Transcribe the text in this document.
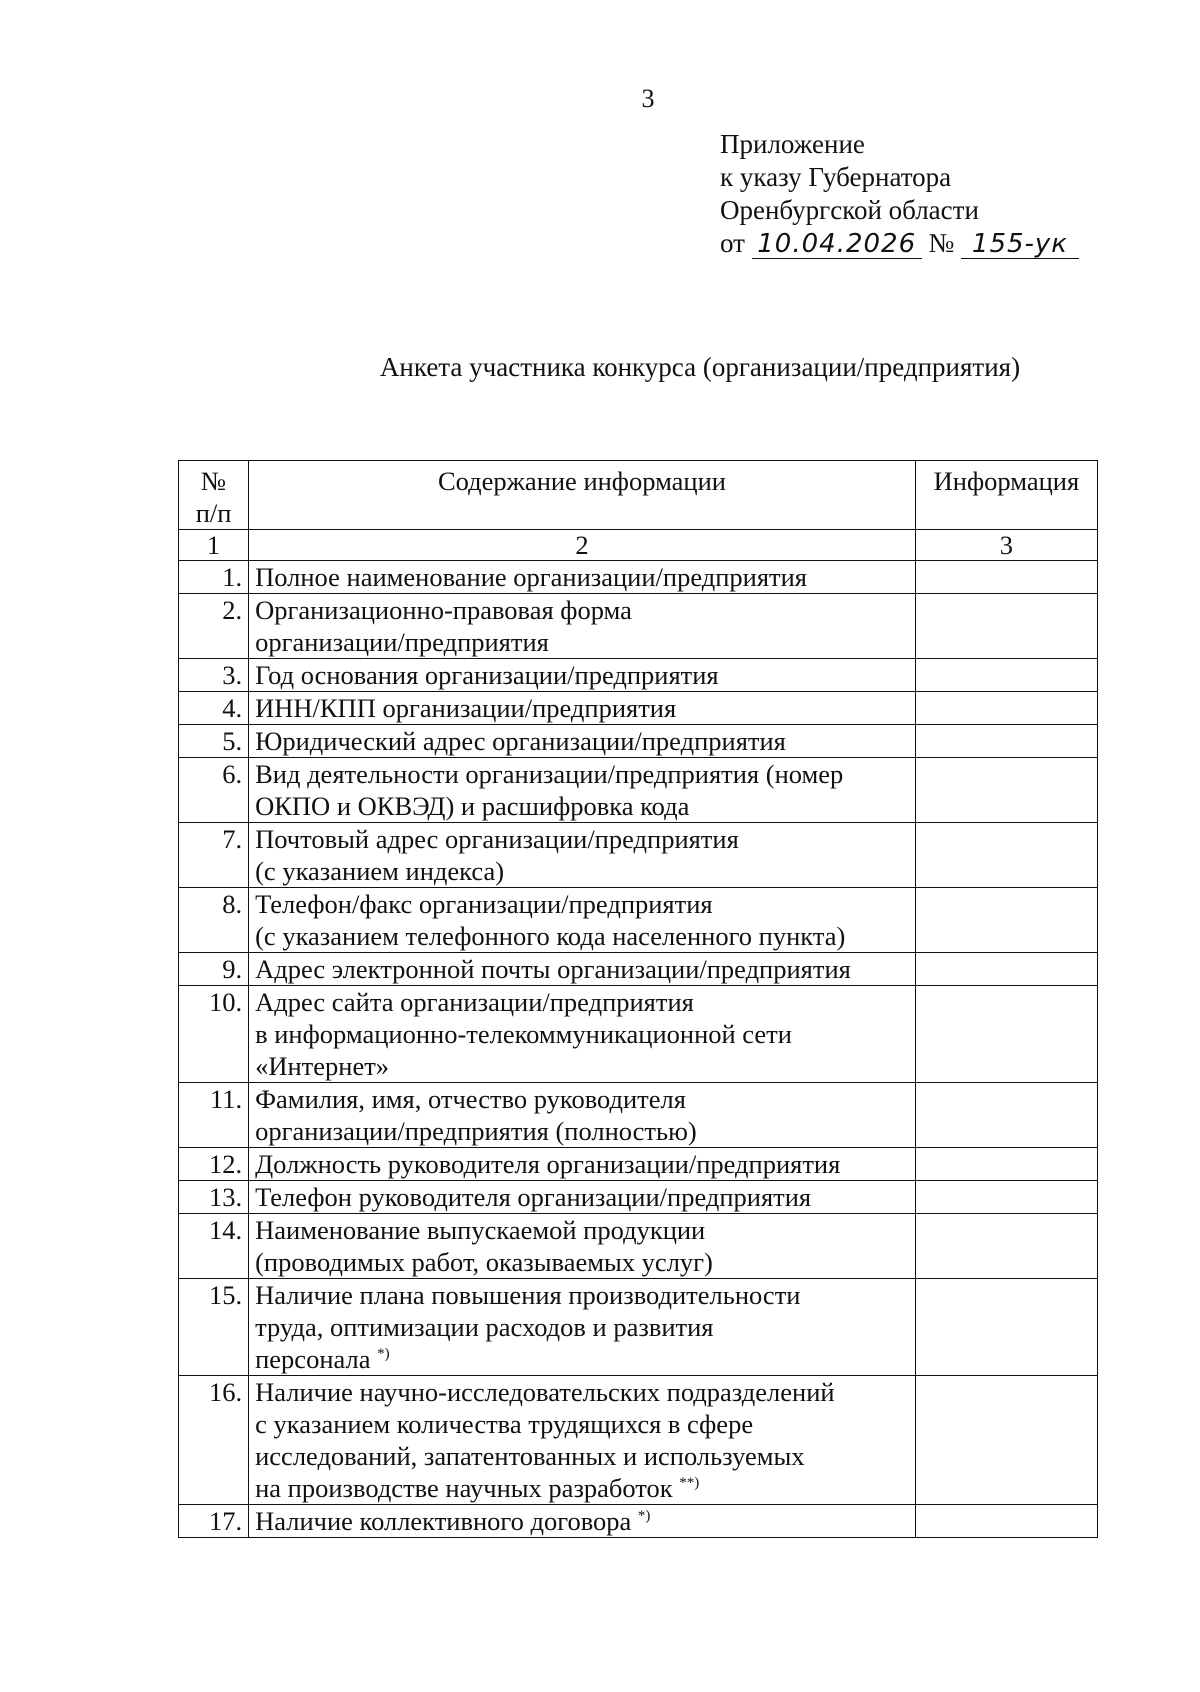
3
Приложение
к указу Губернатора
Оренбургской области
от 10.04.2026 № 155-ук
Анкета участника конкурса (организации/предприятия)
№
п/п	Содержание информации	Информация
1	2	3
1.	Полное наименование организации/предприятия	

2.	Организационно-правовая форма
организации/предприятия	

3.	Год основания организации/предприятия	

4.	ИНН/КПП организации/предприятия	

5.	Юридический адрес организации/предприятия	

6.	Вид деятельности организации/предприятия (номер
ОКПО и ОКВЭД) и расшифровка кода	

7.	Почтовый адрес организации/предприятия
(с указанием индекса)	

8.	Телефон/факс организации/предприятия
(с указанием телефонного кода населенного пункта)	

9.	Адрес электронной почты организации/предприятия	

10.	Адрес сайта организации/предприятия
в информационно-телекоммуникационной сети
«Интернет»	

11.	Фамилия, имя, отчество руководителя
организации/предприятия (полностью)	

12.	Должность руководителя организации/предприятия	

13.	Телефон руководителя организации/предприятия	

14.	Наименование выпускаемой продукции
(проводимых работ, оказываемых услуг)	

15.	Наличие плана повышения производительности
труда, оптимизации расходов и развития
персонала *)

16.	Наличие научно-исследовательских подразделений
с указанием количества трудящихся в сфере
исследований, запатентованных и используемых
на производстве научных разработок **)

17.	Наличие коллективного договора *)
